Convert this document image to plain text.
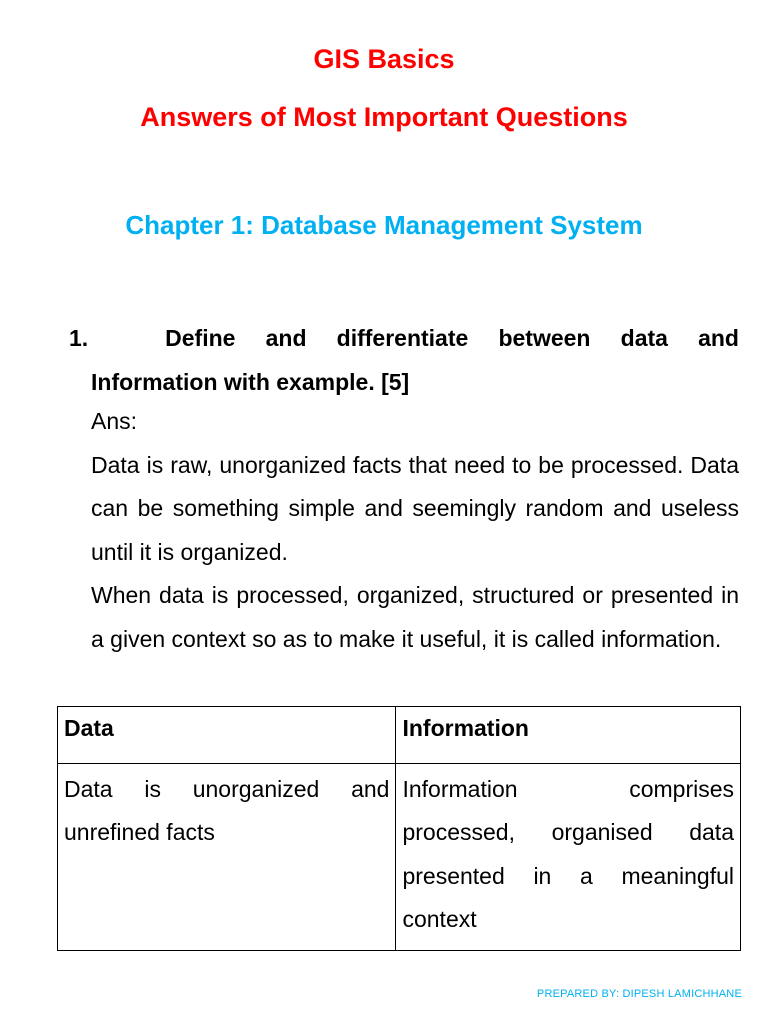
GIS Basics
Answers of Most Important Questions
Chapter 1: Database Management System
1.	Define and differentiate between data and
Information with example. [5]

Ans:

Data is raw, unorganized facts that need to be processed. Data can be something simple and seemingly random and useless until it is organized.

When data is processed, organized, structured or presented in a given context so as to make it useful, it is called information.

Data	Information
Data is unorganized and unrefined facts	Information comprises processed, organised data presented in a meaningful context

PREPARED BY: DIPESH LAMICHHANE
